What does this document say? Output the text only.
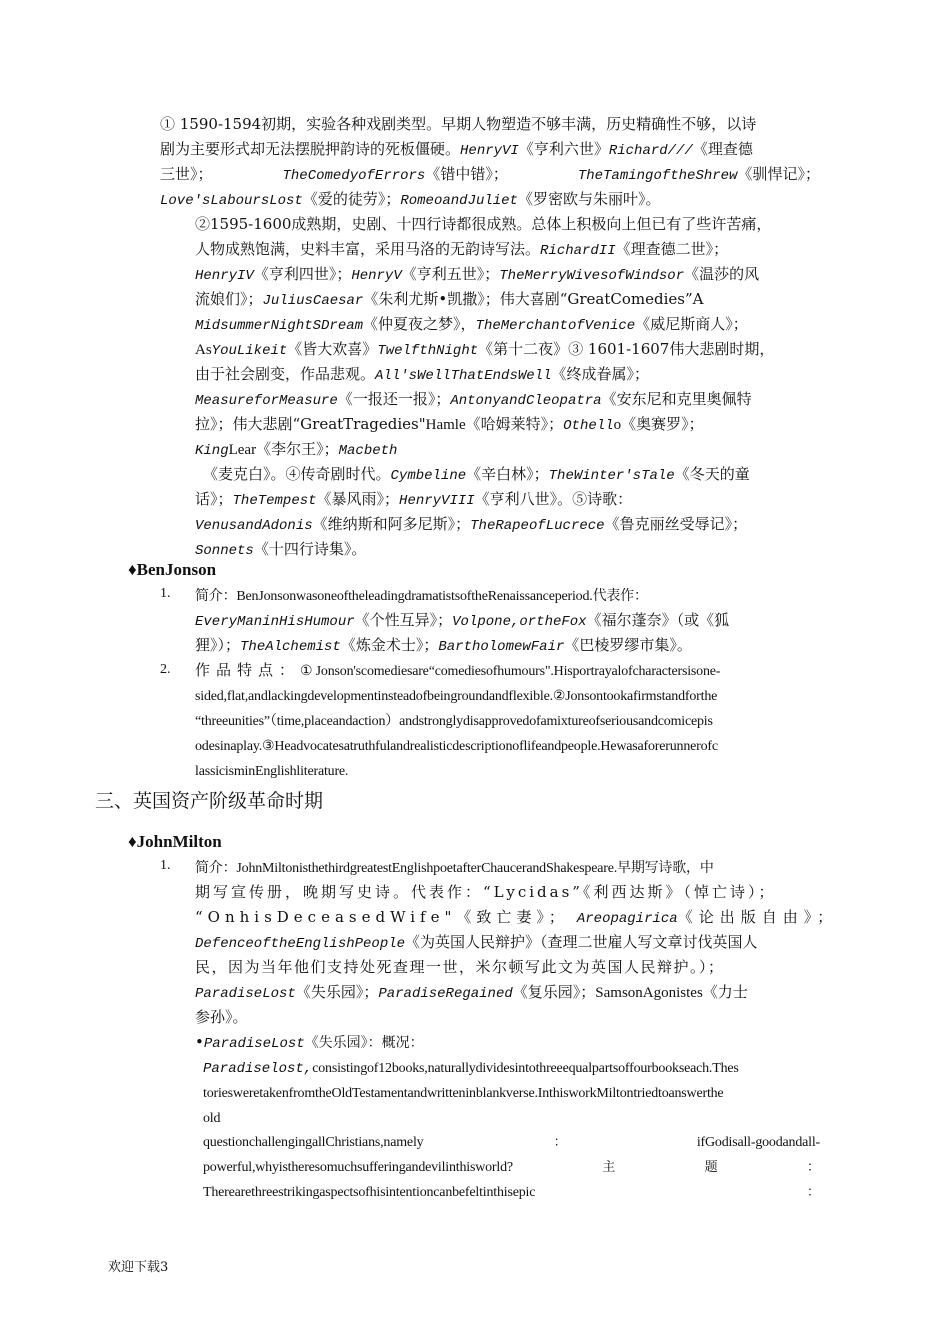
① 1590-1594初期，实验各种戏剧类型。早期人物塑造不够丰满，历史精确性不够，以诗
剧为主要形式却无法摆脱押韵诗的死板僵硬。HenryVI《亨利六世》Richard///《理查德
三世》；	TheComedyofErrors《错中错》；	TheTamingoftheShrew《驯悍记》；
Love'sLaboursLost《爱的徒劳》；RomeoandJuliet《罗密欧与朱丽叶》。
②1595-1600成熟期，史剧、十四行诗都很成熟。总体上积极向上但已有了些许苦痛，
人物成熟饱满，史料丰富，采用马洛的无韵诗写法。RichardII《理查德二世》；
HenryIV《亨利四世》；HenryV《亨利五世》；TheMerryWivesofWindsor《温莎的风
流娘们》；JuliusCaesar《朱利尤斯•凯撒》；伟大喜剧“GreatComedies”A
MidsummerNightSDream《仲夏夜之梦》，TheMerchantofVenice《威尼斯商人》；
AsYouLikeit《皆大欢喜》TwelfthNight《第十二夜》③ 1601-1607伟大悲剧时期，
由于社会剧变，作品悲观。All'sWellThatEndsWell《终成眷属》；
MeasureforMeasure《一报还一报》；AntonyandCleopatra《安东尼和克里奥佩特
拉》；伟大悲剧“GreatTragedies"Hamle《哈姆莱特》；Othello《奥赛罗》；
KingLear《李尔王》；Macbeth
《麦克白》。④传奇剧时代。Cymbeline《辛白林》；TheWinter'sTale《冬天的童
话》；TheTempest《暴风雨》；HenryVIII《亨利八世》。⑤诗歌：
VenusandAdonis《维纳斯和阿多尼斯》；TheRapeofLucrece《鲁克丽丝受辱记》；
Sonnets《十四行诗集》。
♦BenJonson
1. 简介：BenJonsonwasoneoftheleadingdramatistsoftheRenaissanceperiod.代表作：
EveryManinHisHumour《个性互异》；Volpone,ortheFox《福尔蓬奈》（或《狐
狸》）；TheAlchemist《炼金术士》；BartholomewFair《巴棱罗缪市集》。
2. 作品特点：① Jonson'scomediesare“comediesofhumours".Hisportrayalofcharactersisone-
sided,flat,andlackingdevelopmentinsteadofbeingroundandflexible.②Jonsontookafirmstandforthe
“threeunities”（time,placeandaction）andstronglydisapprovedofamixtureofseriousandcomicepis
odesinaplay.③Headvocatesatruthfulandrealisticdescriptionoflifeandpeople.Hewasaforerunnerofc
lassicisminEnglishliterature.
三、英国资产阶级革命时期
♦JohnMilton
1. 简介：JohnMiltonisthethirdgreatestEnglishpoetafterChaucerandShakespeare.早期写诗歌，中
期写宣传册，晚期写史诗。代表作：“Lycidas”《利西达斯》（悼亡诗）；
“OnhisDeceasedWife"《致亡妻》； Areopagirica《论出版自由》；
DefenceoftheEnglishPeople《为英国人民辩护》（查理二世雇人写文章讨伐英国人
民，因为当年他们支持处死查理一世，米尔顿写此文为英国人民辩护。）；
ParadiseLost《失乐园》；ParadiseRegained《复乐园》；SamsonAgonistes《力士
参孙》。
•ParadiseLost《失乐园》：概况：
Paradiselost,consistingof12books,naturallydividesintothreeequalpartsoffourbookseach.Thes
toriesweretakenfromtheOldTestamentandwritteninblankverse.InthisworkMiltontriedtoanswerthe
old
questionchallengingallChristians,namely	：	ifGodisall-goodandall-
powerful,whyistheresomuchsufferingandevilinthisworld?	主	题	：
Therearethreestrikingaspectsofhisintentioncanbefeltinthisepic	：
欢迎下载3
